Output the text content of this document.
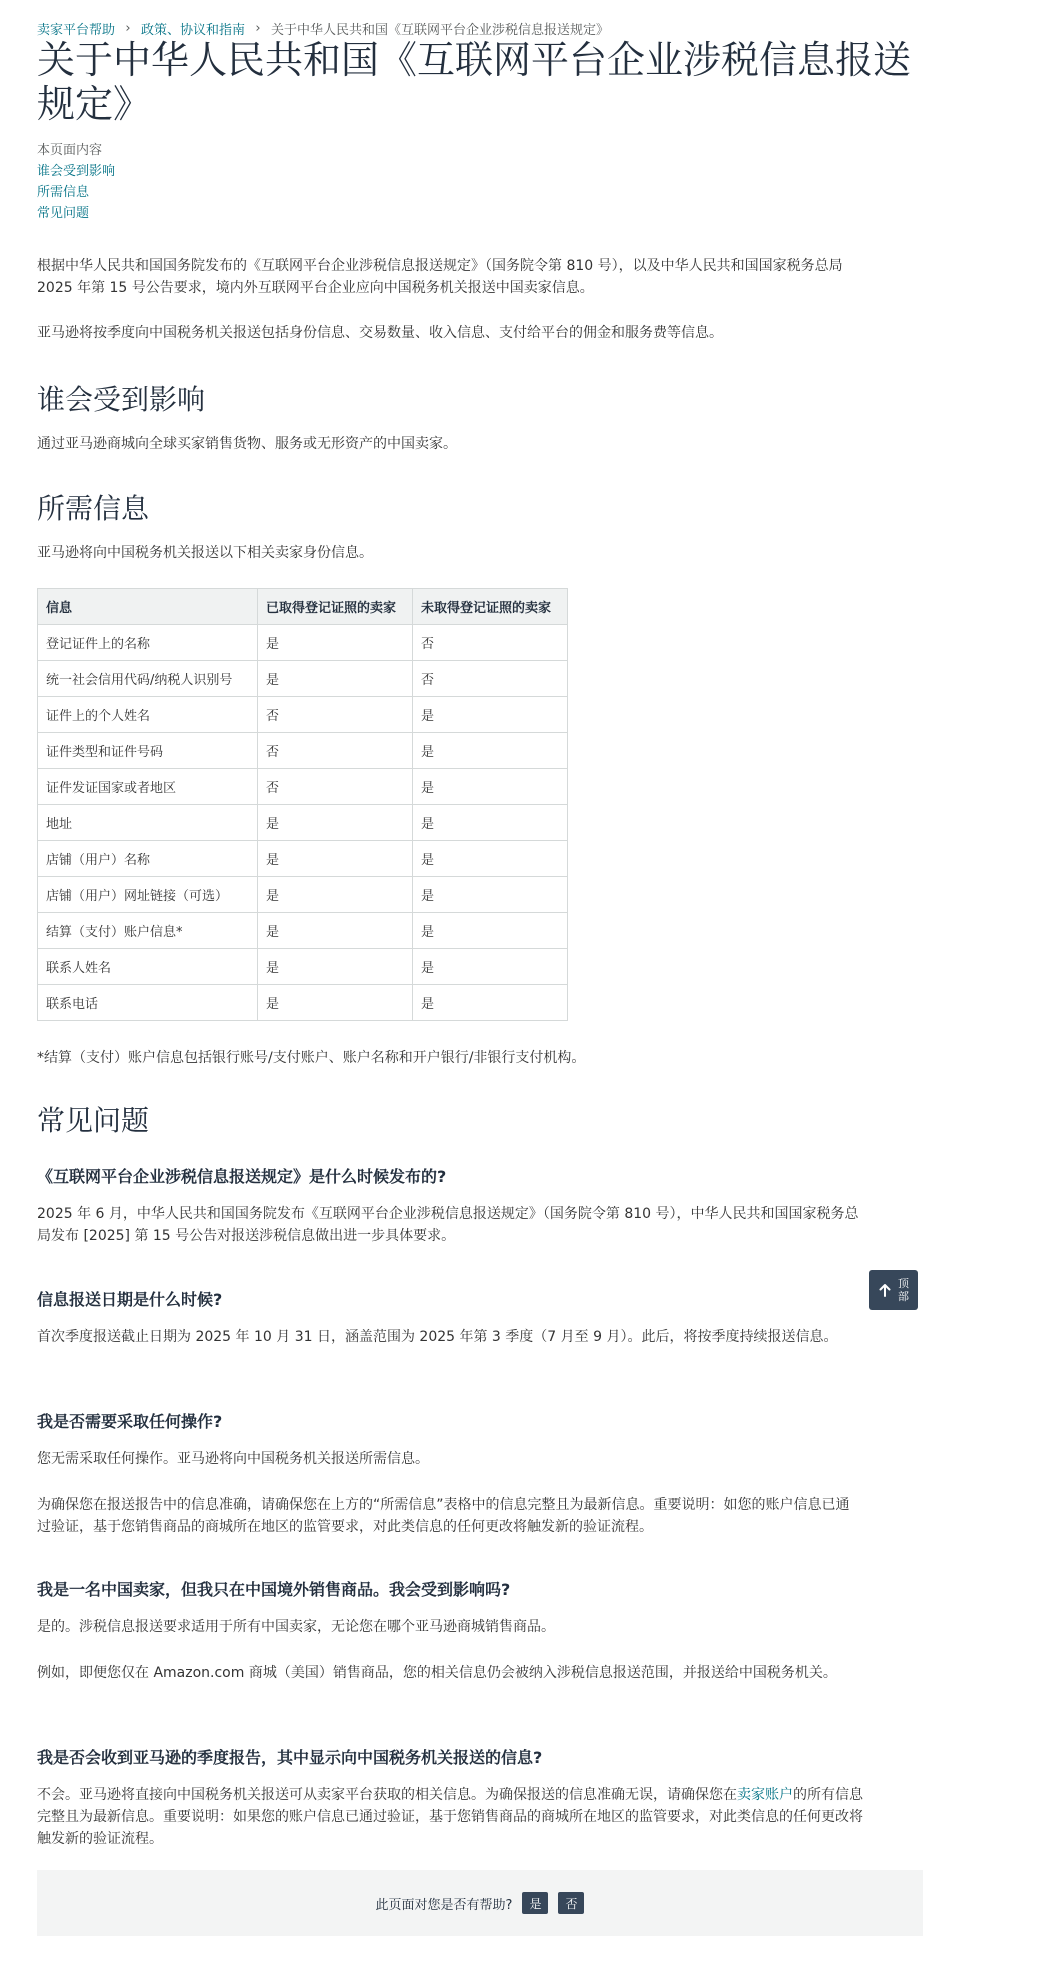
卖家平台帮助 › 政策、协议和指南 › 关于中华人民共和国《互联网平台企业涉税信息报送规定》
关于中华人民共和国《互联网平台企业涉税信息报送规定》
本页面内容
谁会受到影响
所需信息
常见问题

根据中华人民共和国国务院发布的《互联网平台企业涉税信息报送规定》（国务院令第 810 号），以及中华人民共和国国家税务总局 2025 年第 15 号公告要求，境内外互联网平台企业应向中国税务机关报送中国卖家信息。

亚马逊将按季度向中国税务机关报送包括身份信息、交易数量、收入信息、支付给平台的佣金和服务费等信息。

谁会受到影响

通过亚马逊商城向全球买家销售货物、服务或无形资产的中国卖家。

所需信息

亚马逊将向中国税务机关报送以下相关卖家身份信息。

信息	已取得登记证照的卖家	未取得登记证照的卖家
登记证件上的名称	是	否
统一社会信用代码/纳税人识别号	是	否
证件上的个人姓名	否	是
证件类型和证件号码	否	是
证件发证国家或者地区	否	是
地址	是	是
店铺（用户）名称	是	是
店铺（用户）网址链接（可选）	是	是
结算（支付）账户信息*	是	是
联系人姓名	是	是
联系电话	是	是

*结算（支付）账户信息包括银行账号/支付账户、账户名称和开户银行/非银行支付机构。

常见问题
《互联网平台企业涉税信息报送规定》是什么时候发布的?

2025 年 6 月，中华人民共和国国务院发布《互联网平台企业涉税信息报送规定》（国务院令第 810 号），中华人民共和国国家税务总局发布 [2025] 第 15 号公告对报送涉税信息做出进一步具体要求。

信息报送日期是什么时候?

首次季度报送截止日期为 2025 年 10 月 31 日，涵盖范围为 2025 年第 3 季度（7 月至 9 月）。此后，将按季度持续报送信息。

我是否需要采取任何操作?

您无需采取任何操作。亚马逊将向中国税务机关报送所需信息。

为确保您在报送报告中的信息准确，请确保您在上方的“所需信息”表格中的信息完整且为最新信息。重要说明：如您的账户信息已通过验证，基于您销售商品的商城所在地区的监管要求，对此类信息的任何更改将触发新的验证流程。

我是一名中国卖家，但我只在中国境外销售商品。我会受到影响吗?

是的。涉税信息报送要求适用于所有中国卖家，无论您在哪个亚马逊商城销售商品。

例如，即便您仅在 Amazon.com 商城（美国）销售商品，您的相关信息仍会被纳入涉税信息报送范围，并报送给中国税务机关。

我是否会收到亚马逊的季度报告，其中显示向中国税务机关报送的信息?

不会。亚马逊将直接向中国税务机关报送可从卖家平台获取的相关信息。为确保报送的信息准确无误，请确保您在卖家账户的所有信息完整且为最新信息。重要说明：如果您的账户信息已通过验证，基于您销售商品的商城所在地区的监管要求，对此类信息的任何更改将触发新的验证流程。

此页面对您是否有帮助?	是	否
顶部
